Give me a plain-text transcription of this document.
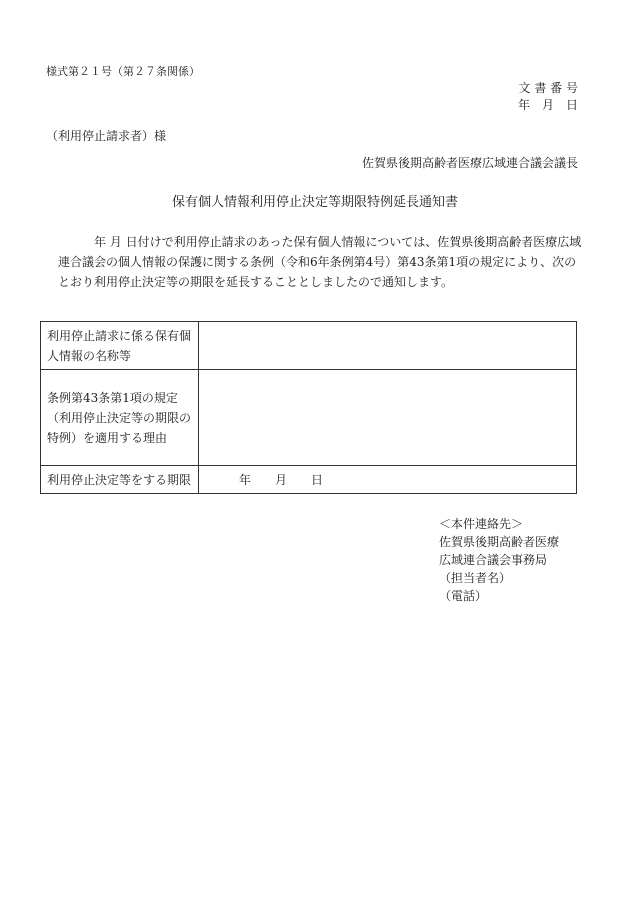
様式第２１号（第２７条関係）
文 書 番 号
年　月　日
（利用停止請求者）様
佐賀県後期高齢者医療広域連合議会議長
保有個人情報利用停止決定等期限特例延長通知書
年 月 日付けで利用停止請求のあった保有個人情報については、佐賀県後期高齢者医療広域連合議会の個人情報の保護に関する条例（令和6年条例第4号）第43条第1項の規定により、次のとおり利用停止決定等の期限を延長することとしましたので通知します。
利用停止請求に係る保有個人情報の名称等	
条例第43条第1項の規定（利用停止決定等の期限の特例）を適用する理由	
利用停止決定等をする期限	年　　月　　日
＜本件連絡先＞
佐賀県後期高齢者医療
広域連合議会事務局
（担当者名）
（電話）
